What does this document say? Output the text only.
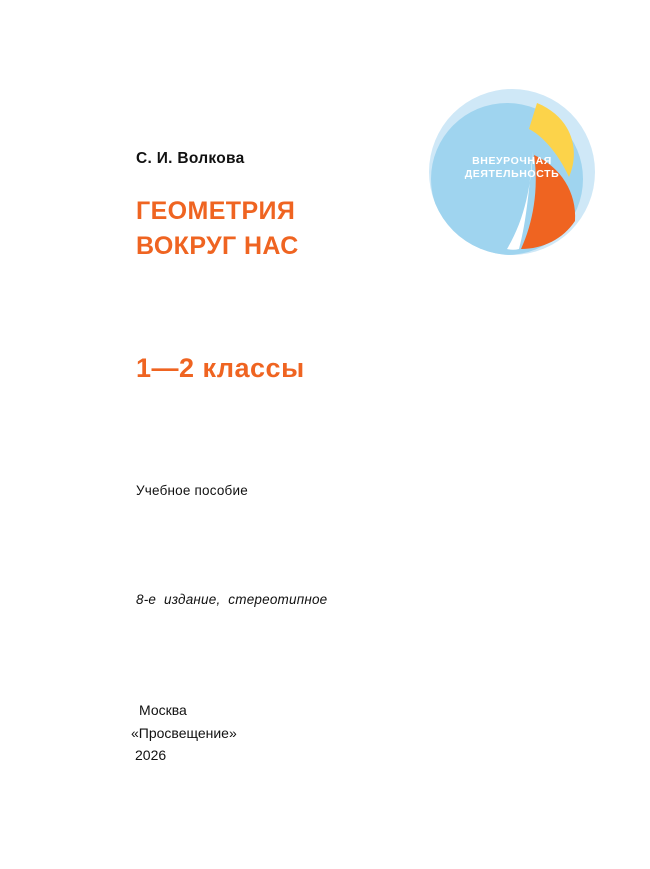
ВНЕУРОЧНАЯ
ДЕЯТЕЛЬНОСТЬ
С. И. Волкова
ГЕОМЕТРИЯ
ВОКРУГ НАС
1—2 классы
Учебное пособие
8-е  издание,  стереотипное
Москва
«Просвещение»
2026
